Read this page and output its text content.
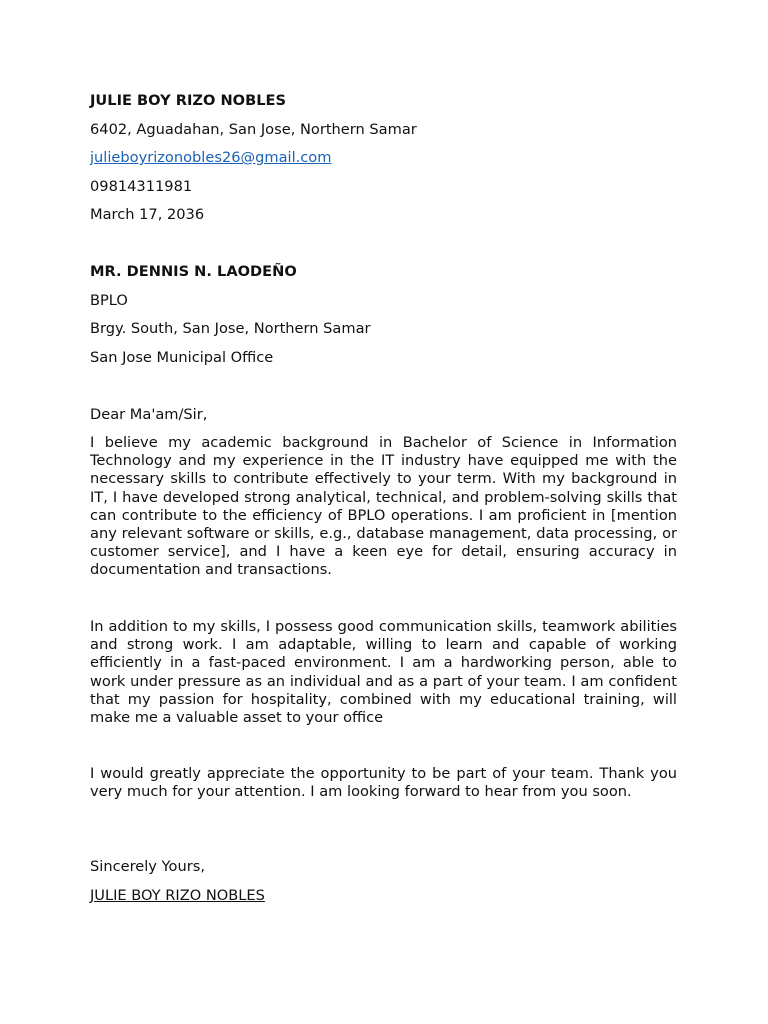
JULIE BOY RIZO NOBLES
6402, Aguadahan, San Jose, Northern Samar
julieboyrizonobles26@gmail.com
09814311981
March 17, 2036
MR. DENNIS N. LAODEÑO
BPLO
Brgy. South, San Jose, Northern Samar
San Jose Municipal Office
Dear Ma'am/Sir,
I believe my academic background in Bachelor of Science in Information Technology and my experience in the IT industry have equipped me with the necessary skills to contribute effectively to your term. With my background in IT, I have developed strong analytical, technical, and problem-solving skills that can contribute to the efficiency of BPLO operations. I am proficient in [mention any relevant software or skills, e.g., database management, data processing, or customer service], and I have a keen eye for detail, ensuring accuracy in documentation and transactions.
In addition to my skills, I possess good communication skills, teamwork abilities and strong work. I am adaptable, willing to learn and capable of working efficiently in a fast-paced environment. I am a hardworking person, able to work under pressure as an individual and as a part of your team. I am confident that my passion for hospitality, combined with my educational training, will make me a valuable asset to your office
I would greatly appreciate the opportunity to be part of your team. Thank you very much for your attention. I am looking forward to hear from you soon.
Sincerely Yours,
JULIE BOY RIZO NOBLES
